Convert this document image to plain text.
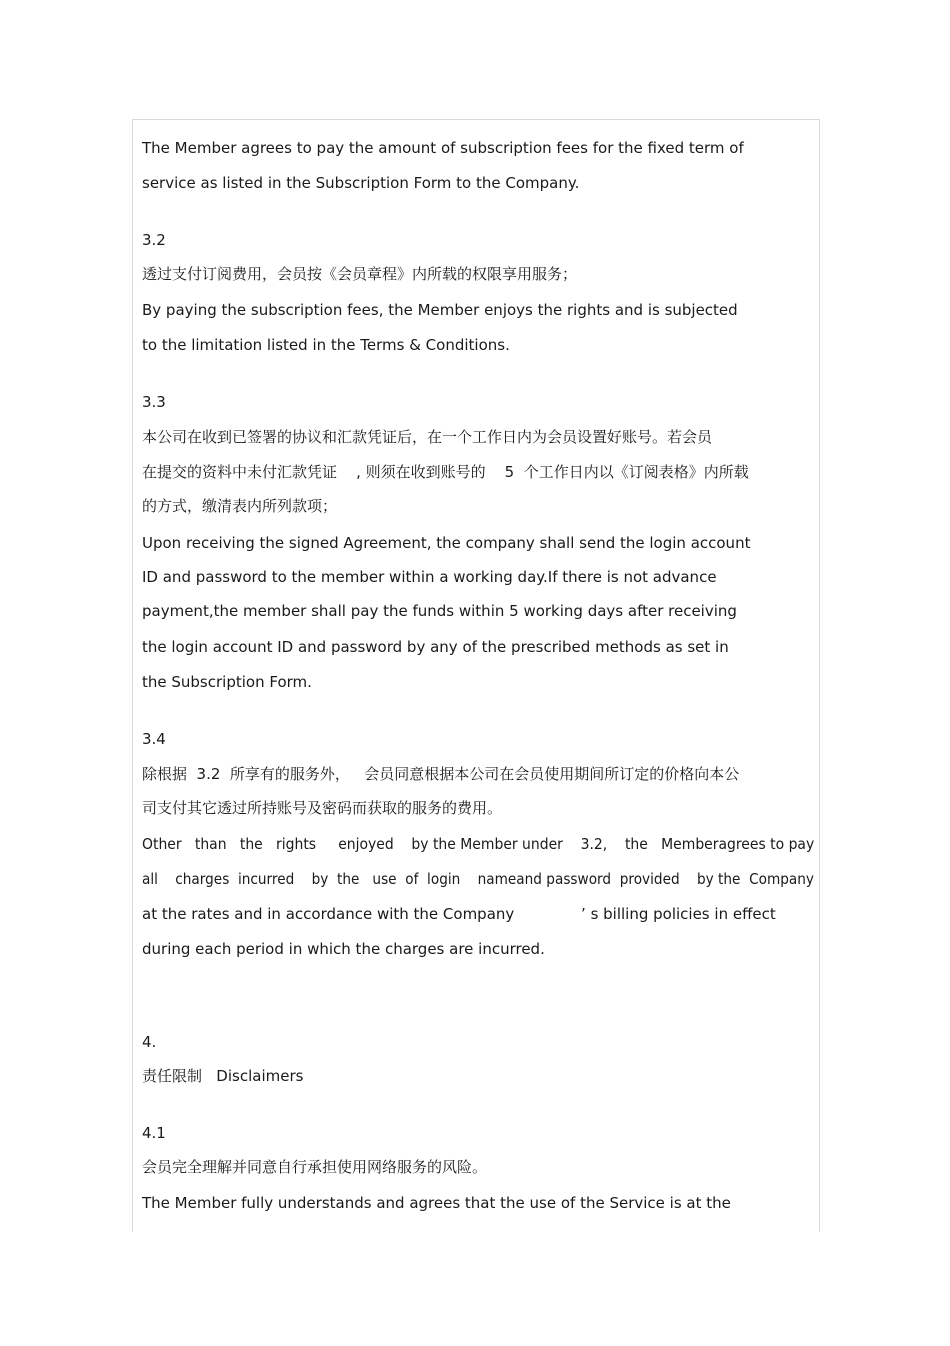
The Member agrees to pay the amount of subscription fees for the fixed term of
service as listed in the Subscription Form to the Company.
3.2
透过支付订阅费用，会员按《会员章程》内所载的权限享用服务；
By paying the subscription fees, the Member enjoys the rights and is subjected
to the limitation listed in the Terms & Conditions.
3.3
本公司在收到已签署的协议和汇款凭证后，在一个工作日内为会员设置好账号。若会员
在提交的资料中未付汇款凭证    , 则须在收到账号的    5  个工作日内以《订阅表格》内所载
的方式，缴清表内所列款项；
Upon receiving the signed Agreement, the company shall send the login account
ID and password to the member within a working day.If there is not advance
payment,the member shall pay the funds within 5 working days after receiving
the login account ID and password by any of the prescribed methods as set in
the Subscription Form.
3.4
除根据  3.2  所享有的服务外，   会员同意根据本公司在会员使用期间所订定的价格向本公
司支付其它透过所持账号及密码而获取的服务的费用。
Other   than   the   rights     enjoyed    by the Member under    3.2,    the   Memberagrees to pay
all    charges  incurred    by  the   use  of  login    nameand password  provided    by the  Company
at the rates and in accordance with the Company              ’ s billing policies in effect
during each period in which the charges are incurred.
4.
责任限制   Disclaimers
4.1
会员完全理解并同意自行承担使用网络服务的风险。
The Member fully understands and agrees that the use of the Service is at the
